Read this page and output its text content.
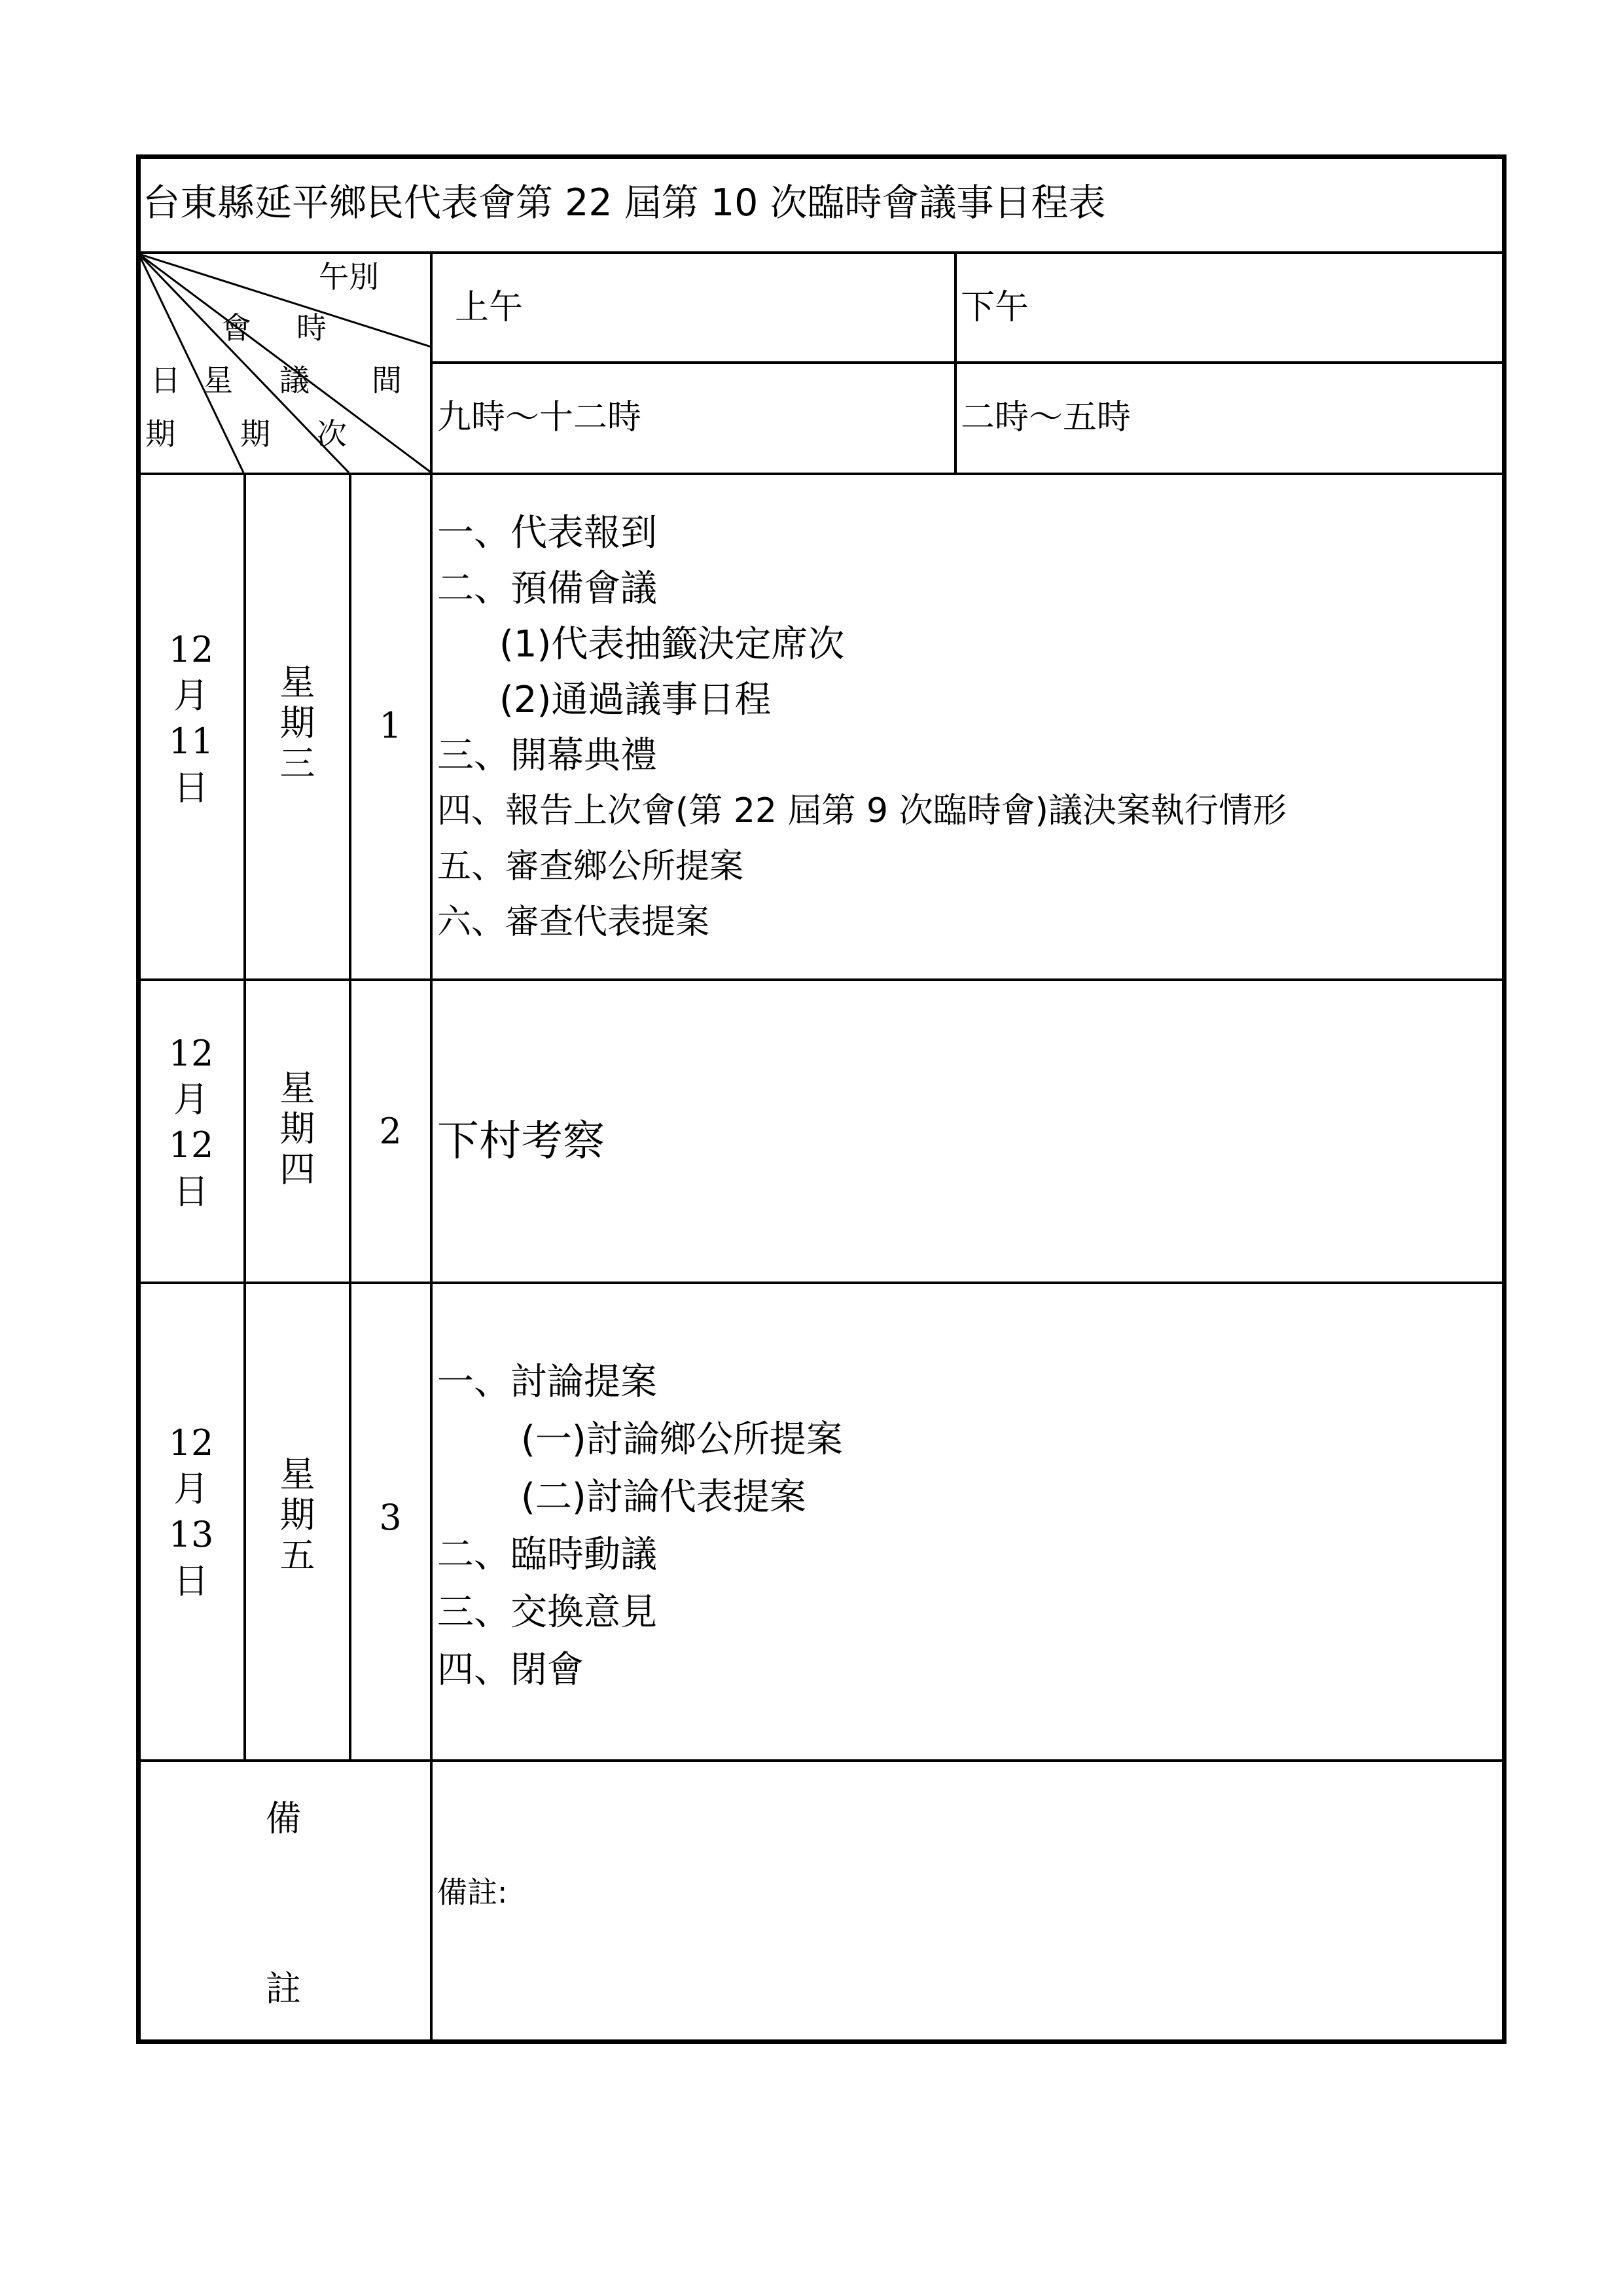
台東縣延平鄉民代表會第 22 屆第 10 次臨時會議事日程表
午別
會 時
日 星 議 間
期 期 次
上午	下午
九時～十二時	二時～五時
12
月
11
日
星
期
三
1
一、代表報到
二、預備會議
(1)代表抽籤決定席次
(2)通過議事日程
三、開幕典禮
四、報告上次會(第 22 屆第 9 次臨時會)議決案執行情形
五、審查鄉公所提案
六、審查代表提案
12
月
12
日
星
期
四
2 下村考察
12
月
13
日
星
期
五
3
一、討論提案
(一)討論鄉公所提案
(二)討論代表提案
二、臨時動議
三、交換意見
四、閉會
備
註
備註:
